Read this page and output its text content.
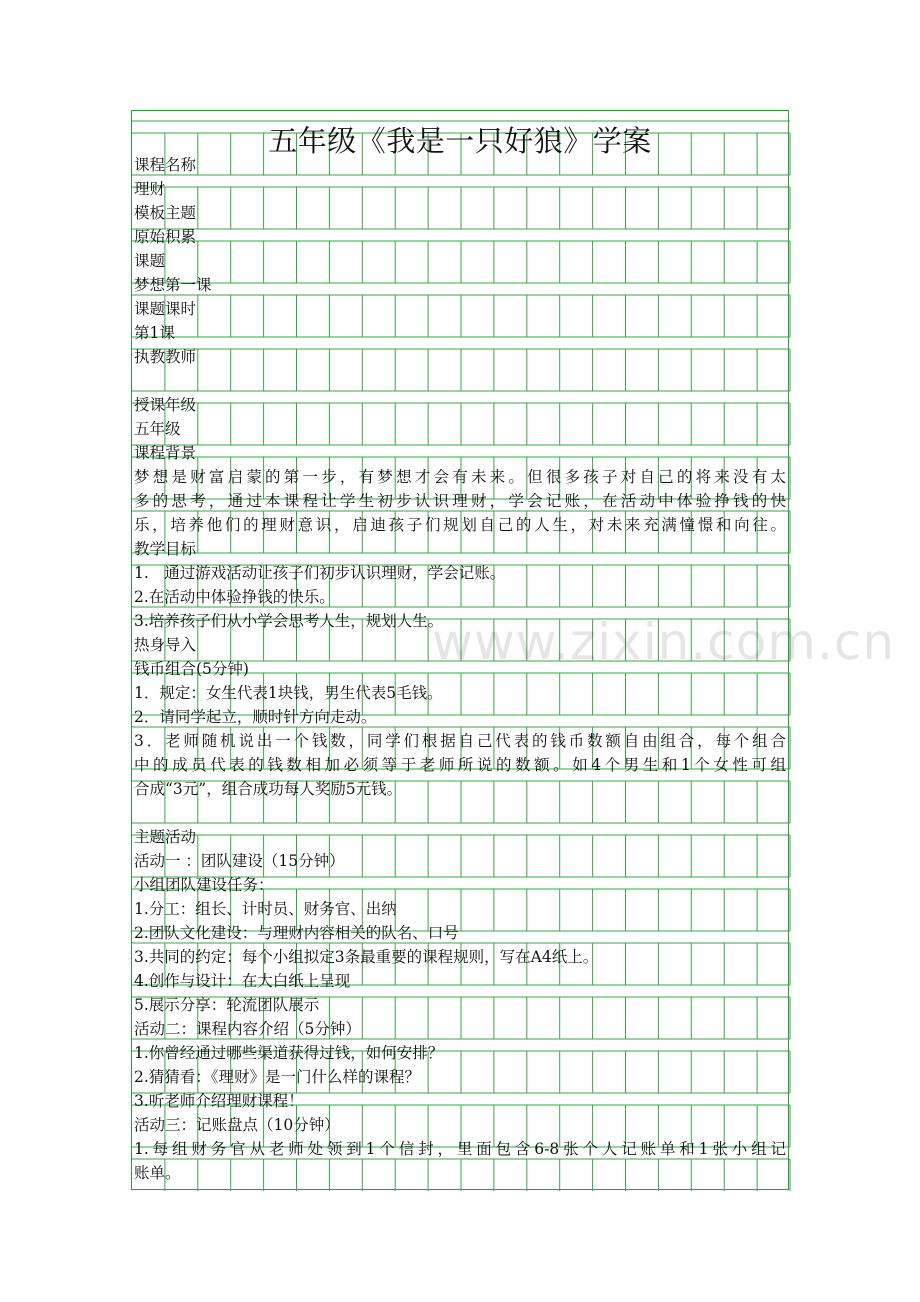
五年级《我是一只好狼》学案
www.zixin.com.cn
课程名称
理财
模板主题
原始积累
课题
梦想第一课
课题课时
第1课
执教教师
授课年级
五年级
课程背景
梦想是财富启蒙的第一步，有梦想才会有未来。但很多孩子对自己的将来没有太
多的思考，通过本课程让学生初步认识理财，学会记账，在活动中体验挣钱的快
乐，培养他们的理财意识，启迪孩子们规划自己的人生，对未来充满憧憬和向往。
教学目标
1.　通过游戏活动让孩子们初步认识理财，学会记账。
2.在活动中体验挣钱的快乐。
3.培养孩子们从小学会思考人生，规划人生。
热身导入
钱币组合(5分钟)
1．规定：女生代表1块钱，男生代表5毛钱。
2．请同学起立，顺时针方向走动。
3．老师随机说出一个钱数，同学们根据自己代表的钱币数额自由组合，每个组合
中的成员代表的钱数相加必须等于老师所说的数额。如4个男生和1个女性可组
合成“3元”，组合成功每人奖励5元钱。
主题活动
活动一 ：团队建设（15分钟）
小组团队建设任务：
1.分工：组长、计时员、财务官、出纳
2.团队文化建设：与理财内容相关的队名、口号
3.共同的约定：每个小组拟定3条最重要的课程规则，写在A4纸上。
4.创作与设计：在大白纸上呈现
5.展示分享：轮流团队展示
活动二：课程内容介绍（5分钟）
1.你曾经通过哪些渠道获得过钱，如何安排？
2.猜猜看：《理财》是一门什么样的课程？
3.听老师介绍理财课程！
活动三：记账盘点（10分钟）
1.每组财务官从老师处领到1个信封，里面包含6-8张个人记账单和1张小组记
账单。
